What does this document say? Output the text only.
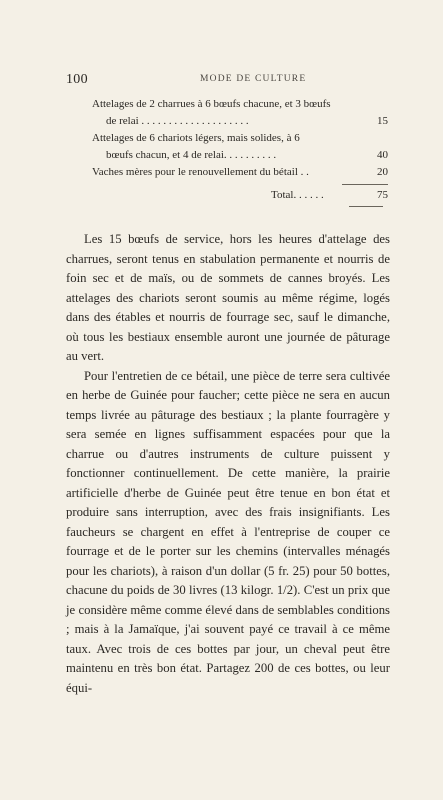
100	MODE DE CULTURE
Attelages de 2 charrues à 6 bœufs chacune, et 3 bœufs
de relai . . . . . . . . . . . . . . . . . . . .	15
Attelages de 6 chariots légers, mais solides, à 6
bœufs chacun, et 4 de relai. . . . . . . . . .	40
Vaches mères pour le renouvellement du bétail . .	20
Total. . . . . .	75

Les 15 bœufs de service, hors les heures d'attelage des charrues, seront tenus en stabulation permanente et nourris de foin sec et de maïs, ou de sommets de cannes broyés. Les attelages des chariots seront soumis au même régime, logés dans des étables et nourris de fourrage sec, sauf le dimanche, où tous les bestiaux ensemble auront une journée de pâturage au vert.

Pour l'entretien de ce bétail, une pièce de terre sera cultivée en herbe de Guinée pour faucher; cette pièce ne sera en aucun temps livrée au pâturage des bestiaux ; la plante fourragère y sera semée en lignes suffisamment espacées pour que la charrue ou d'autres instruments de culture puissent y fonctionner continuellement. De cette manière, la prairie artificielle d'herbe de Guinée peut être tenue en bon état et produire sans interruption, avec des frais insignifiants. Les faucheurs se chargent en effet à l'entreprise de couper ce fourrage et de le porter sur les chemins (intervalles ménagés pour les chariots), à raison d'un dollar (5 fr. 25) pour 50 bottes, chacune du poids de 30 livres (13 kilogr. 1/2). C'est un prix que je considère même comme élevé dans de semblables conditions ; mais à la Jamaïque, j'ai souvent payé ce travail à ce même taux. Avec trois de ces bottes par jour, un cheval peut être maintenu en très bon état. Partagez 200 de ces bottes, ou leur équi-
